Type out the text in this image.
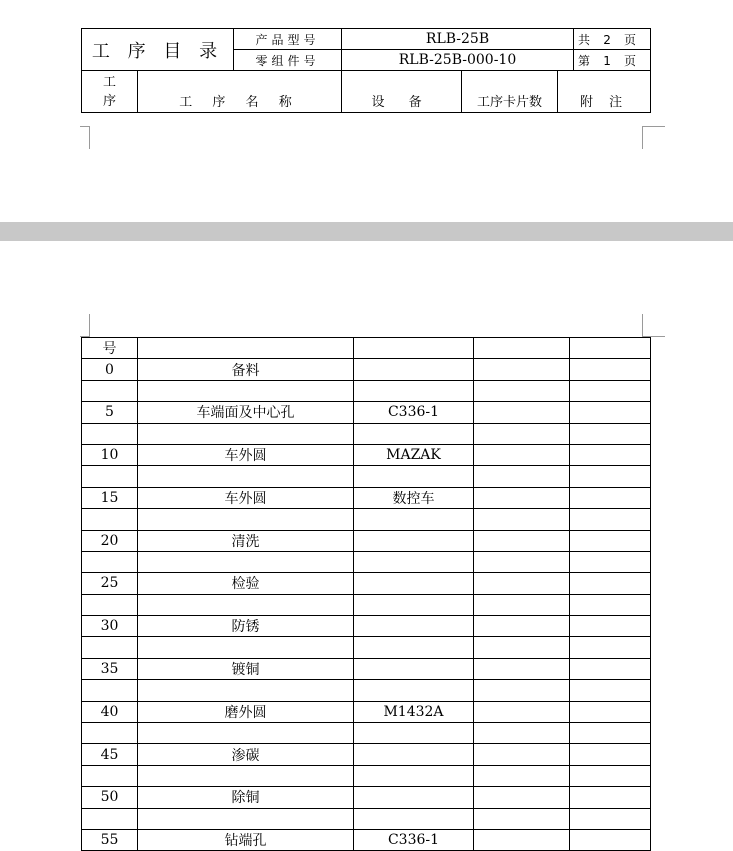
工 序 目 录		产品型号	RLB-25B			共 2 页
		零组件号	RLB-25B-000-10			第 1 页

工
序	工 序 名 称		设 备	工序卡片数	附 注	
号				
0	备料			

5	车端面及中心孔	C336-1		

10	车外圆	MAZAK		

15	车外圆	数控车		

20	清洗			

25	检验			

30	防锈			

35	镀铜			

40	磨外圆	M1432A		

45	渗碳			

50	除铜			

55	钻端孔	C336-1		
